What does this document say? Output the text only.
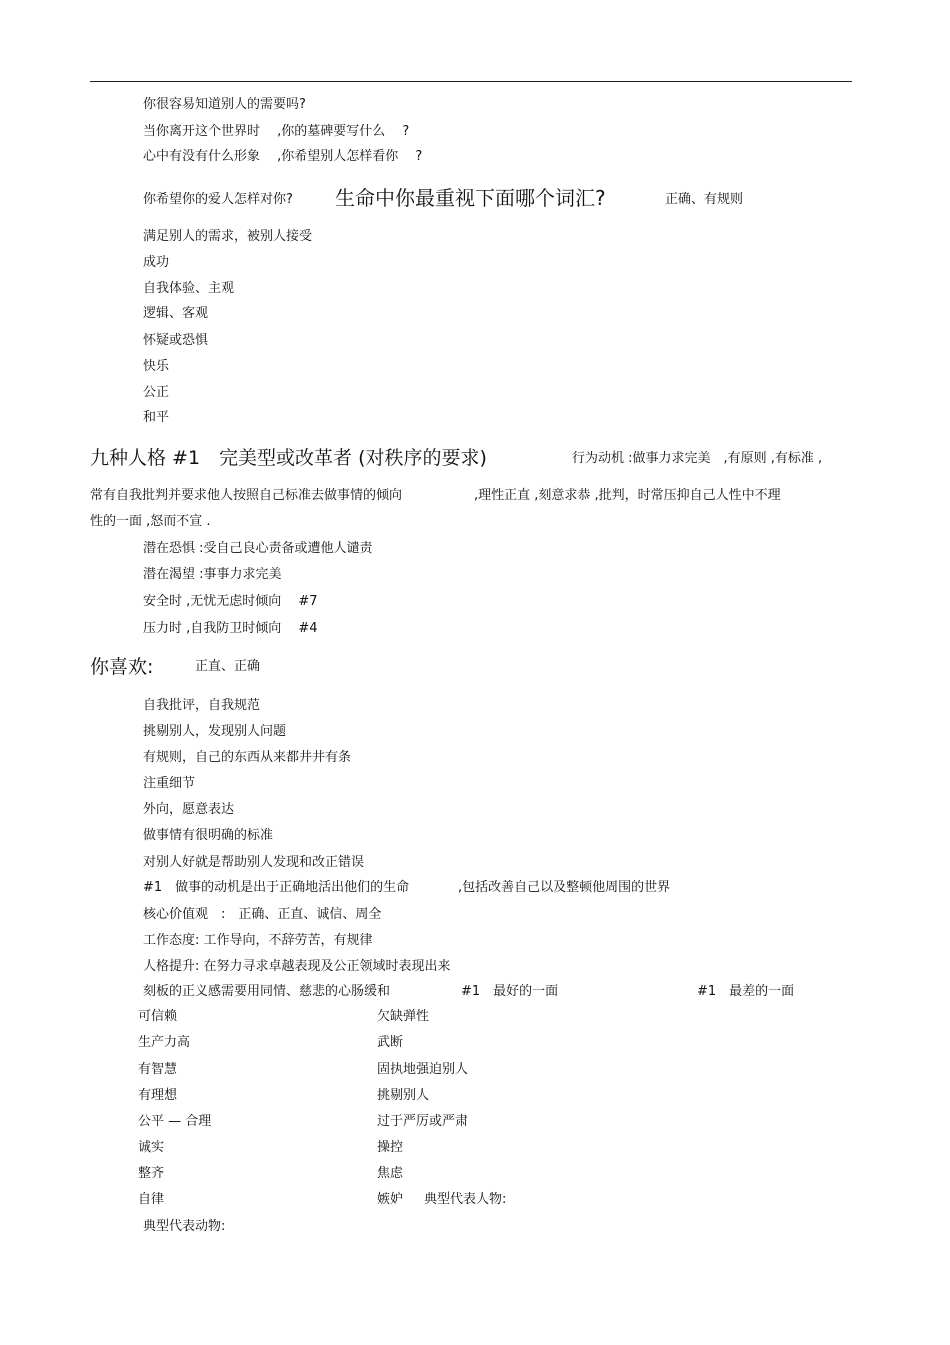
你很容易知道别人的需要吗?
当你离开这个世界时　 ,你的墓碑要写什么　 ?
心中有没有什么形象　 ,你希望别人怎样看你　 ?
你希望你的爱人怎样对你? 生命中你最重视下面哪个词汇?	正确、有规则
满足别人的需求，被别人接受
成功
自我体验、主观
逻辑、客观
怀疑或恐惧
快乐
公正
和平
九种人格 #1　完美型或改革者 (对秩序的要求)	行为动机 :做事力求完美　,有原则 ,有标准 ,
常有自我批判并要求他人按照自己标准去做事情的倾向	,理性正直 ,刻意求恭 ,批判，时常压抑自己人性中不理
性的一面 ,怒而不宣 .
潜在恐惧 :受自己良心责备或遭他人谴责
潜在渴望 :事事力求完美
安全时 ,无忧无虑时倾向　 #7
压力时 ,自我防卫时倾向　 #4
你喜欢:	正直、正确
自我批评，自我规范
挑剔别人，发现别人问题
有规则，自己的东西从来都井井有条
注重细节
外向，愿意表达
做事情有很明确的标准
对别人好就是帮助别人发现和改正错误
#1　做事的动机是出于正确地活出他们的生命	,包括改善自己以及整顿他周围的世界
核心价值观　:　正确、正直、诚信、周全
工作态度: 工作导向，不辞劳苦，有规律
人格提升: 在努力寻求卓越表现及公正领域时表现出来
刻板的正义感需要用同情、慈悲的心肠缓和	#1　最好的一面	#1　最差的一面
可信赖	欠缺弹性
生产力高	武断
有智慧	固执地强迫别人
有理想	挑剔别人
公平 — 合理	过于严厉或严肃
诚实	操控
整齐	焦虑
自律	嫉妒 典型代表人物:
典型代表动物:
